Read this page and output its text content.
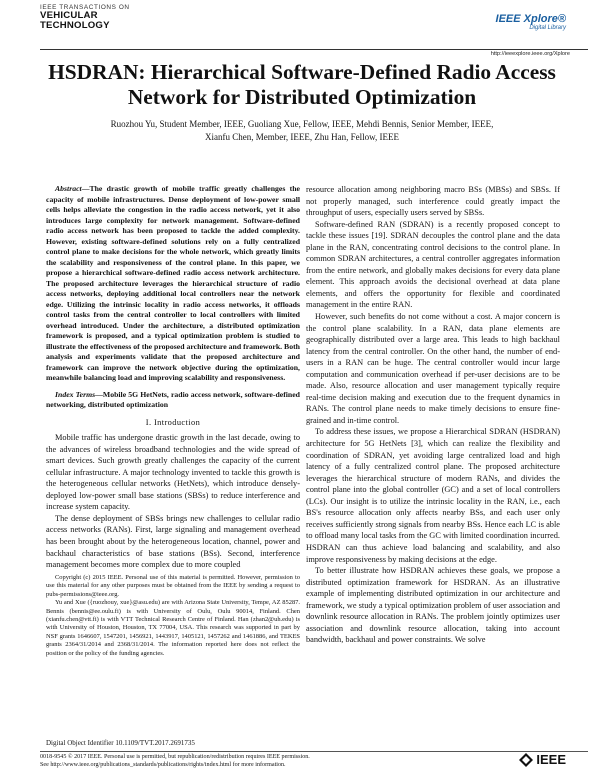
IEEE TRANSACTIONS ON
VEHICULAR
TECHNOLOGY
IEEE Xplore®
Digital Library
http://ieeexplore.ieee.org/Xplore
HSDRAN: Hierarchical Software-Defined Radio Access Network for Distributed Optimization
Ruozhou Yu, Student Member, IEEE, Guoliang Xue, Fellow, IEEE, Mehdi Bennis, Senior Member, IEEE,
Xianfu Chen, Member, IEEE, Zhu Han, Fellow, IEEE

Abstract—The drastic growth of mobile traffic greatly challenges the capacity of mobile infrastructures. Dense deployment of low-power small cells helps alleviate the congestion in the radio access network, yet it also introduces large complexity for network management. Software-defined radio access network has been proposed to tackle the added complexity. However, existing software-defined solutions rely on a fully centralized control plane to make decisions for the whole network, which greatly limits the scalability and responsiveness of the control plane. In this paper, we propose a hierarchical software-defined radio access network architecture. The proposed architecture leverages the hierarchical structure of radio access networks, deploying additional local controllers near the network edge. Utilizing the intrinsic locality in radio access networks, it offloads control tasks from the central controller to local controllers with limited overhead introduced. Under the architecture, a distributed optimization framework is proposed, and a typical optimization problem is studied to illustrate the effectiveness of the proposed architecture and framework. Both analysis and experiments validate that the proposed architecture and framework can improve the network objective during the optimization, meanwhile balancing load and improving scalability and responsiveness.

Index Terms—Mobile 5G HetNets, radio access network, software-defined networking, distributed optimization

I. Introduction

Mobile traffic has undergone drastic growth in the last decade, owing to the advances of wireless broadband technologies and the wide spread of smart devices. Such growth greatly challenges the capacity of the current cellular infrastructure. A major technology invented to tackle this growth is the heterogeneous cellular networks (HetNets), which introduce densely-deployed low-power small base stations (SBSs) to reduce interference and increase system capacity.

The dense deployment of SBSs brings new challenges to cellular radio access networks (RANs). First, large signaling and management overhead has been brought about by the heterogeneous location, channel, power and backhaul characteristics of base stations (BSs). Second, interference management becomes more complex due to more coupled

Copyright (c) 2015 IEEE. Personal use of this material is permitted. However, permission to use this material for any other purposes must be obtained from the IEEE by sending a request to pubs-permissions@ieee.org.

Yu and Xue ({ruozhouy, xue}@asu.edu) are with Arizona State University, Tempe, AZ 85287. Bennis (bennis@ee.oulu.fi) is with University of Oulu, Oulu 90014, Finland. Chen (xianfu.chen@vtt.fi) is with VTT Technical Research Centre of Finland. Han (zhan2@uh.edu) is with University of Houston, Houston, TX 77004, USA. This research was supported in part by NSF grants 1646607, 1547201, 1456921, 1443917, 1405121, 1457262 and 1461886, and TEKES grants 2364/31/2014 and 2368/31/2014. The information reported here does not reflect the position or the policy of the funding agencies.

Digital Object Identifier 10.1109/TVT.2017.2691735

resource allocation among neighboring macro BSs (MBSs) and SBSs. If not properly managed, such interference could greatly impact the throughput of users, especially users served by SBSs.

Software-defined RAN (SDRAN) is a recently proposed concept to tackle these issues [19]. SDRAN decouples the control plane and the data plane in the RAN, concentrating control decisions to the control plane. In common SDRAN architectures, a central controller aggregates information from the entire network, and globally makes decisions for every data plane element. This approach avoids the decisional overhead at data plane elements, and offers the opportunity for flexible and coordinated management in the entire RAN.

However, such benefits do not come without a cost. A major concern is the control plane scalability. In a RAN, data plane elements are geographically distributed over a large area. This leads to high backhaul latency from the central controller. On the other hand, the number of end-users in a RAN can be huge. The central controller would incur large computation and communication overhead if per-user decisions are to be made. Also, resource allocation and user management typically require real-time decision making and execution due to the frequent dynamics in RANs. The control plane needs to make timely decisions to ensure fine-grained and in-time control.

To address these issues, we propose a Hierarchical SDRAN (HSDRAN) architecture for 5G HetNets [3], which can realize the flexibility and coordination of SDRAN, yet avoiding large centralized load and high latency of a fully centralized control plane. The proposed architecture leverages the hierarchical structure of modern RANs, and divides the control plane into the global controller (GC) and a set of local controllers (LCs). Our insight is to utilize the intrinsic locality in the RAN, i.e., each BS's resource allocation only affects nearby BSs, and each user only receives sufficiently strong signals from nearby BSs. Hence each LC is able to offload many local tasks from the GC with limited coordination incurred. HSDRAN can thus achieve load balancing and scalability, and also improve responsiveness by making decisions at the edge.

To better illustrate how HSDRAN achieves these goals, we propose a distributed optimization framework for HSDRAN. As an illustrative example of implementing distributed optimization in our architecture and framework, we study a typical optimization problem of user association and downlink resource allocation in RANs. The problem jointly optimizes user association and downlink resource allocation, taking into account bandwidth, backhaul and power constraints. We solve

0018-9545 © 2017 IEEE. Personal use is permitted, but republication/redistribution requires IEEE permission.
See http://www.ieee.org/publications_standards/publications/rights/index.html for more information.	IEEE
